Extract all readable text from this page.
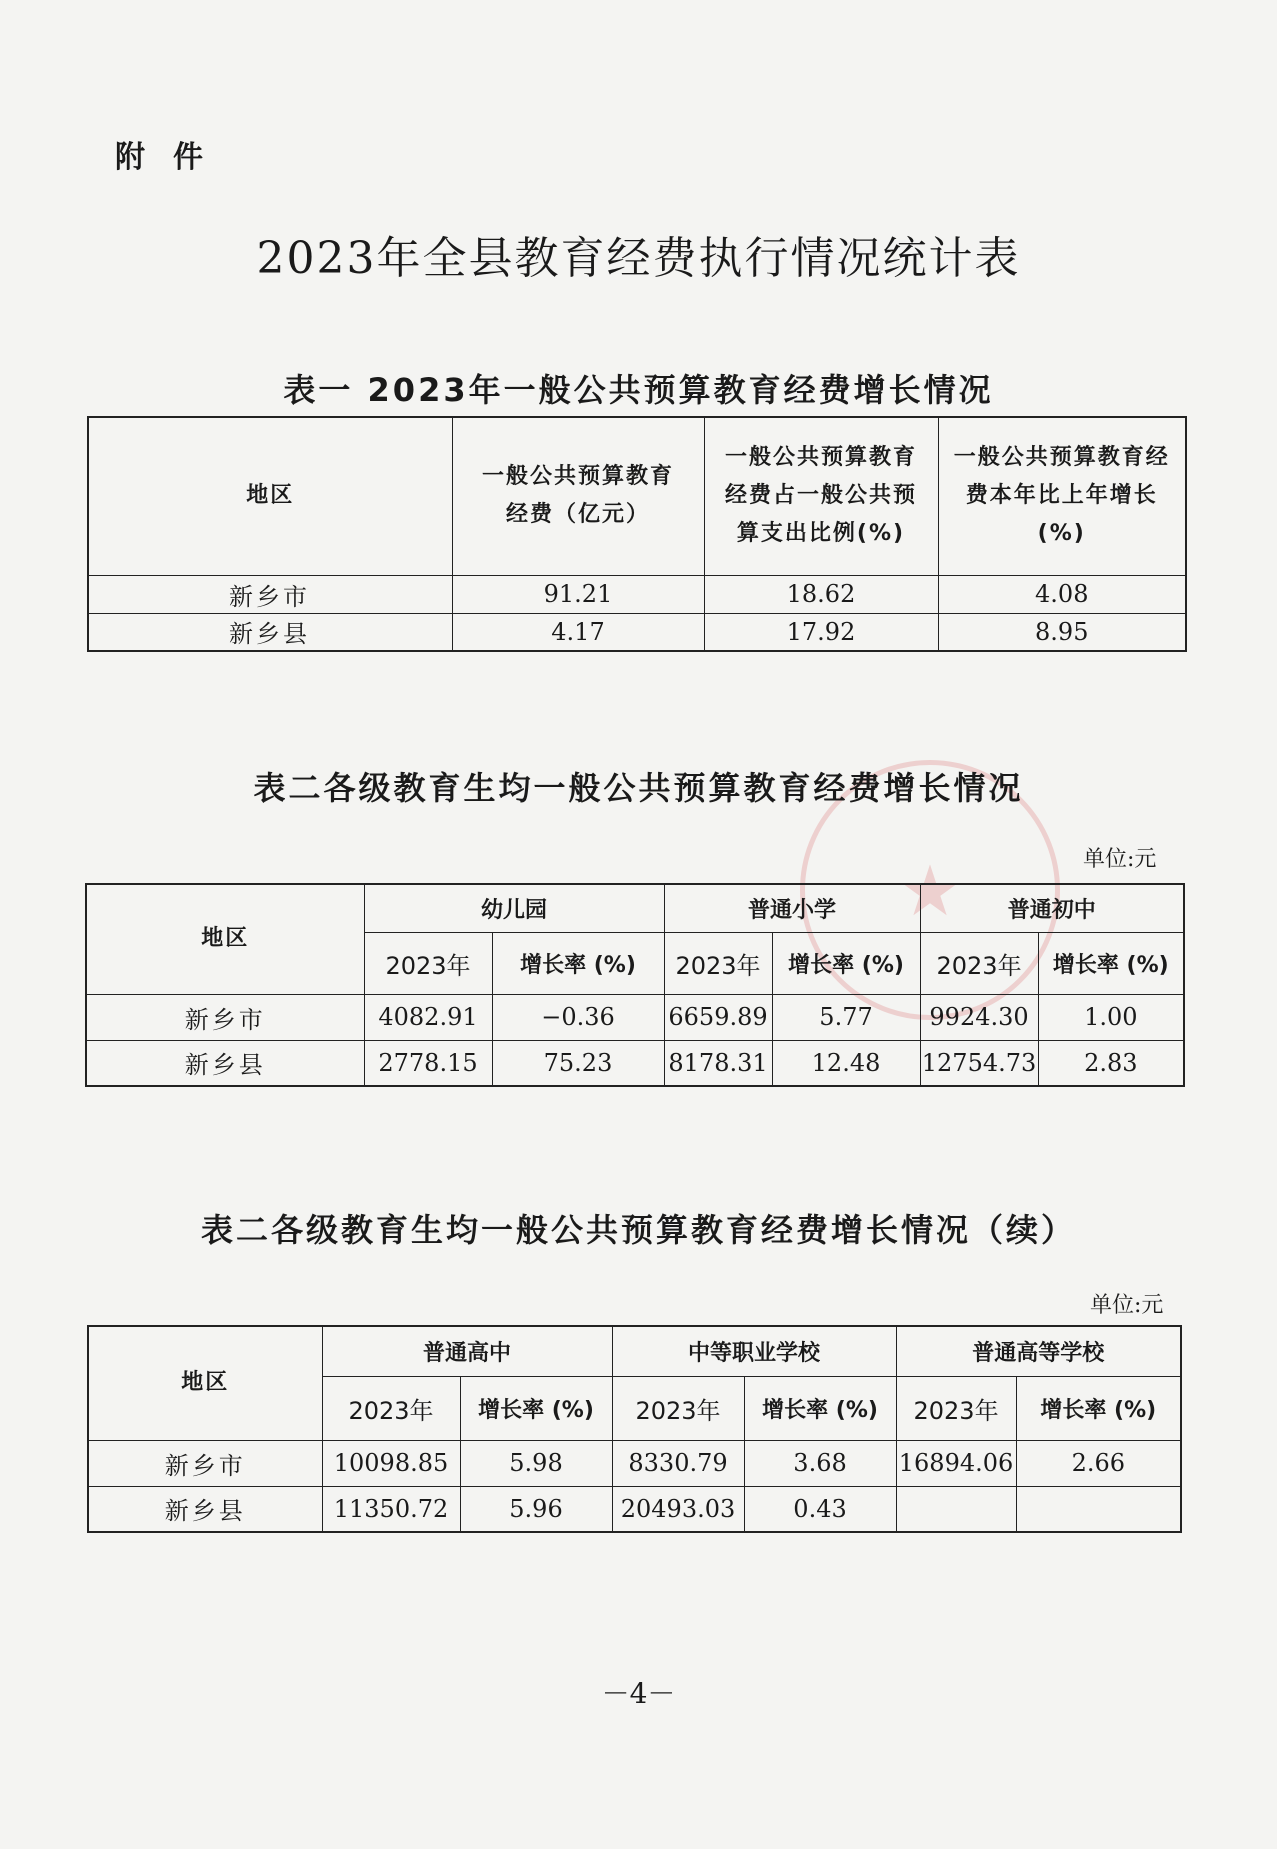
附件
2023年全县教育经费执行情况统计表
表一 2023年一般公共预算教育经费增长情况
地区	一般公共预算教育经费（亿元）	一般公共预算教育经费占一般公共预算支出比例(%)	一般公共预算教育经费本年比上年增长(%)
新乡市	91.21	18.62	4.08
新乡县	4.17	17.92	8.95
★
表二各级教育生均一般公共预算教育经费增长情况
单位:元
地区	幼儿园		普通小学		普通初中	
	2023年	增长率 (%)	2023年	增长率 (%)	2023年	增长率 (%)
新乡市	4082.91	−0.36	6659.89	5.77	9924.30	1.00
新乡县	2778.15	75.23	8178.31	12.48	12754.73	2.83
表二各级教育生均一般公共预算教育经费增长情况（续）
单位:元
地区	普通高中		中等职业学校		普通高等学校	
	2023年	增长率 (%)	2023年	增长率 (%)	2023年	增长率 (%)
新乡市	10098.85	5.98	8330.79	3.68	16894.06	2.66
新乡县	11350.72	5.96	20493.03	0.43		
－4－
